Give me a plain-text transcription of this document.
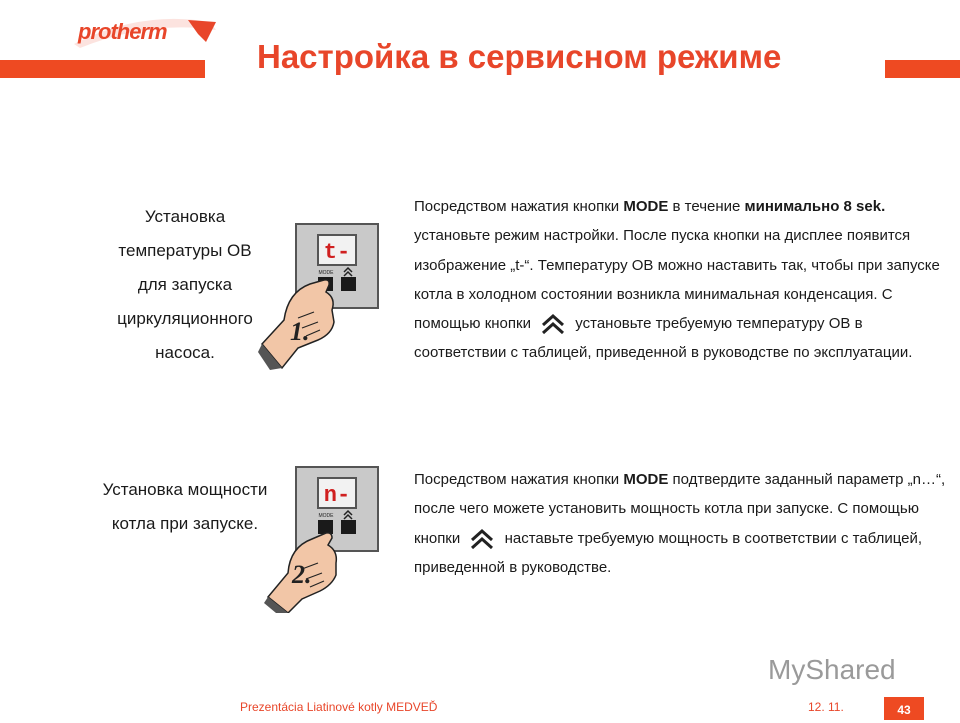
protherm
Настройка в сервисном режиме
Установка
температуры ОВ
для запуска
циркуляционного
насоса.
t-
MODE
1.
Посредством нажатия кнопки MODE в течение минимально 8 sek. установьте режим настройки. После пуска кнопки на дисплее появится изображение „t-“. Температуру ОВ можно наставить так, чтобы при запуске котла в холодном состоянии возникла минимальная конденсация. С помощью кнопки	установьте требуемую температуру ОВ в соответствии с таблицей, приведенной в руководстве по эксплуатации.
Установка мощности
котла при запуске.
n-
MODE
2.
Посредством нажатия кнопки MODE подтвердите заданный параметр „n…“, после чего можете установить мощность котла при запуске. С помощью кнопки	наставьте требуемую мощность в соответствии с таблицей, приведенной в руководстве.
MyShared
Prezentácia Liatinové kotly MEDVEĎ	12. 11.	43
